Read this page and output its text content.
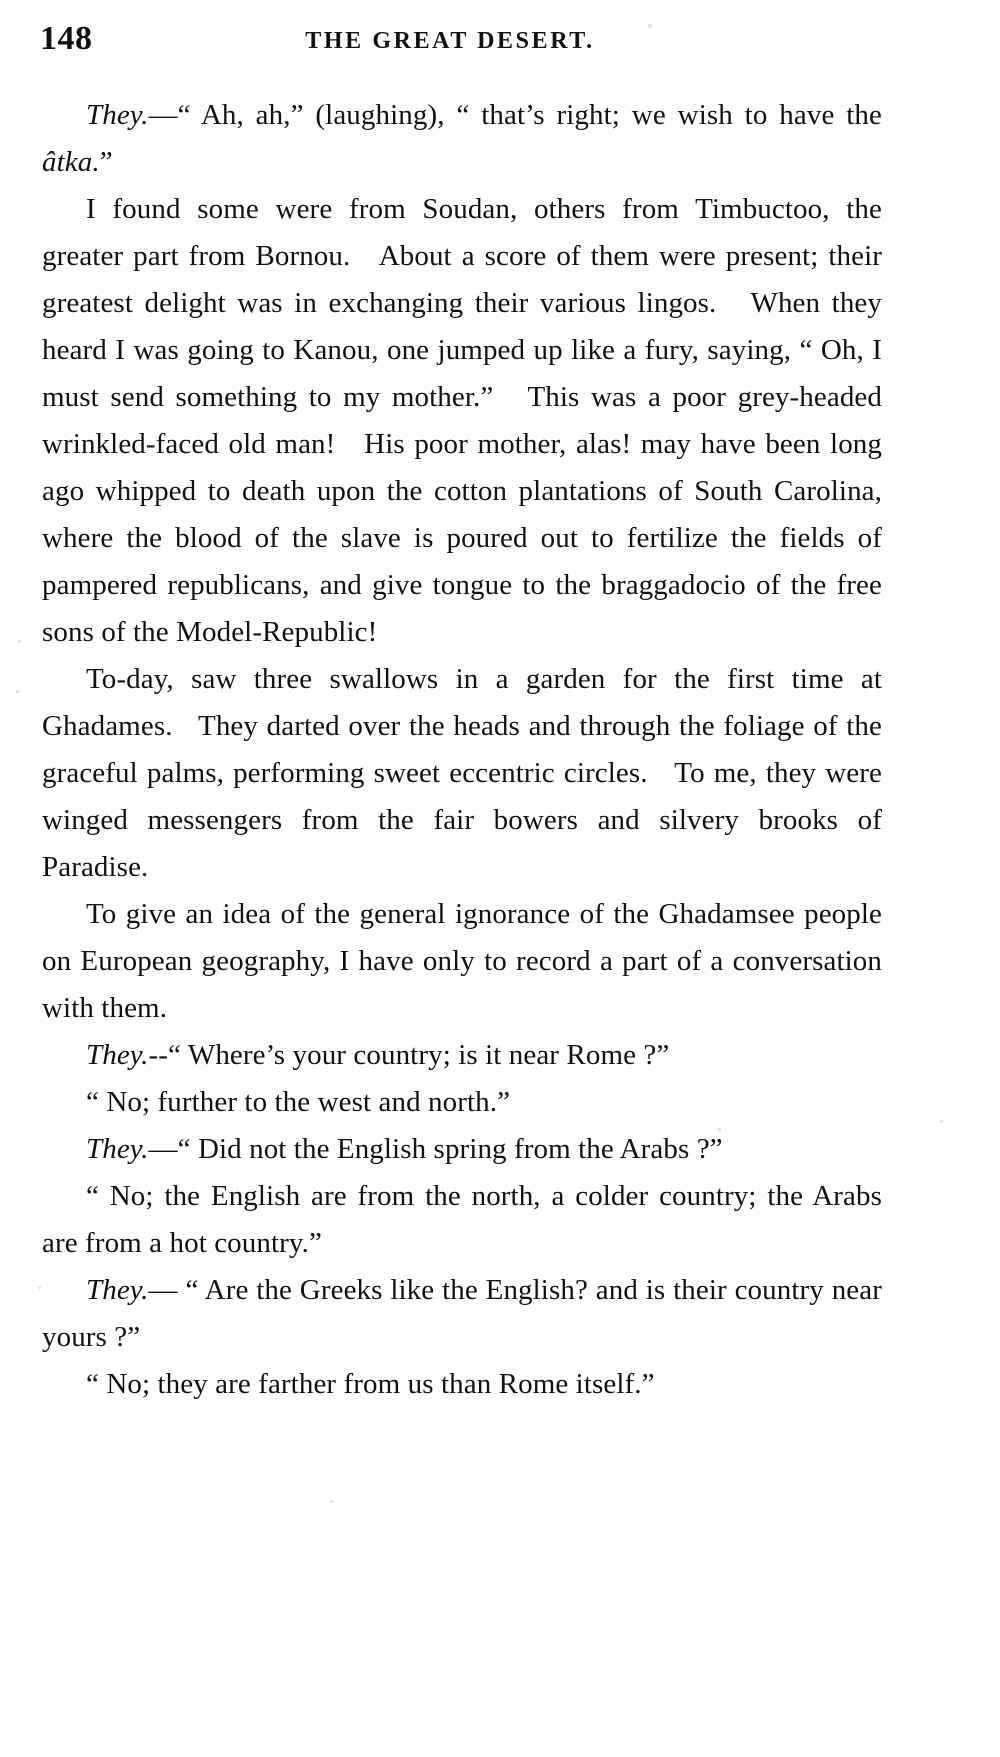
148	THE GREAT DESERT.

They.—“ Ah, ah,” (laughing), “ that’s right; we wish to have the âtka.”

I found some were from Soudan, others from Timbuctoo, the greater part from Bornou.   About a score of them were present; their greatest delight was in exchanging their various lingos.   When they heard I was going to Kanou, one jumped up like a fury, saying, “ Oh, I must send something to my mother.”   This was a poor grey-headed wrinkled-faced old man!   His poor mother, alas! may have been long ago whipped to death upon the cotton plantations of South Carolina, where the blood of the slave is poured out to fertilize the fields of pampered republicans, and give tongue to the braggadocio of the free sons of the Model-Republic!

To-day, saw three swallows in a garden for the first time at Ghadames.   They darted over the heads and through the foliage of the graceful palms, performing sweet eccentric circles.   To me, they were winged messengers from the fair bowers and silvery brooks of Paradise.

To give an idea of the general ignorance of the Ghadamsee people on European geography, I have only to record a part of a conversation with them.

They.--“ Where’s your country; is it near Rome ?”

“ No; further to the west and north.”

They.—“ Did not the English spring from the Arabs ?”

“ No; the English are from the north, a colder country; the Arabs are from a hot country.”

They.— “ Are the Greeks like the English? and is their country near yours ?”

“ No; they are farther from us than Rome itself.”
